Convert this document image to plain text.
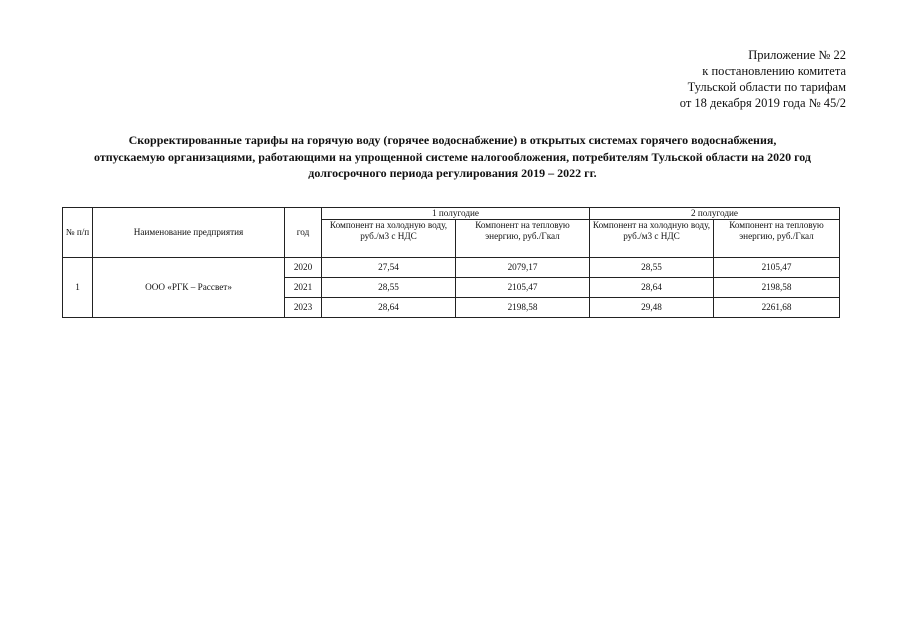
Приложение № 22
к постановлению комитета
Тульской области по тарифам
от 18 декабря 2019 года № 45/2
Скорректированные тарифы на горячую воду (горячее водоснабжение) в открытых системах горячего водоснабжения,
отпускаемую организациями, работающими на упрощенной системе налогообложения, потребителям Тульской области на 2020 год
долгосрочного периода регулирования 2019 – 2022 гг.
№ п/п	Наименование предприятия	год	1 полугодие		2 полугодие	
			Компонент на холодную воду, руб./м3 с НДС	Компонент на тепловую энергию, руб./Гкал	Компонент на холодную воду, руб./м3 с НДС	Компонент на тепловую энергию, руб./Гкал
1	ООО «РГК – Рассвет»	2020	27,54	2079,17	28,55	2105,47
		2021	28,55	2105,47	28,64	2198,58
		2023	28,64	2198,58	29,48	2261,68
